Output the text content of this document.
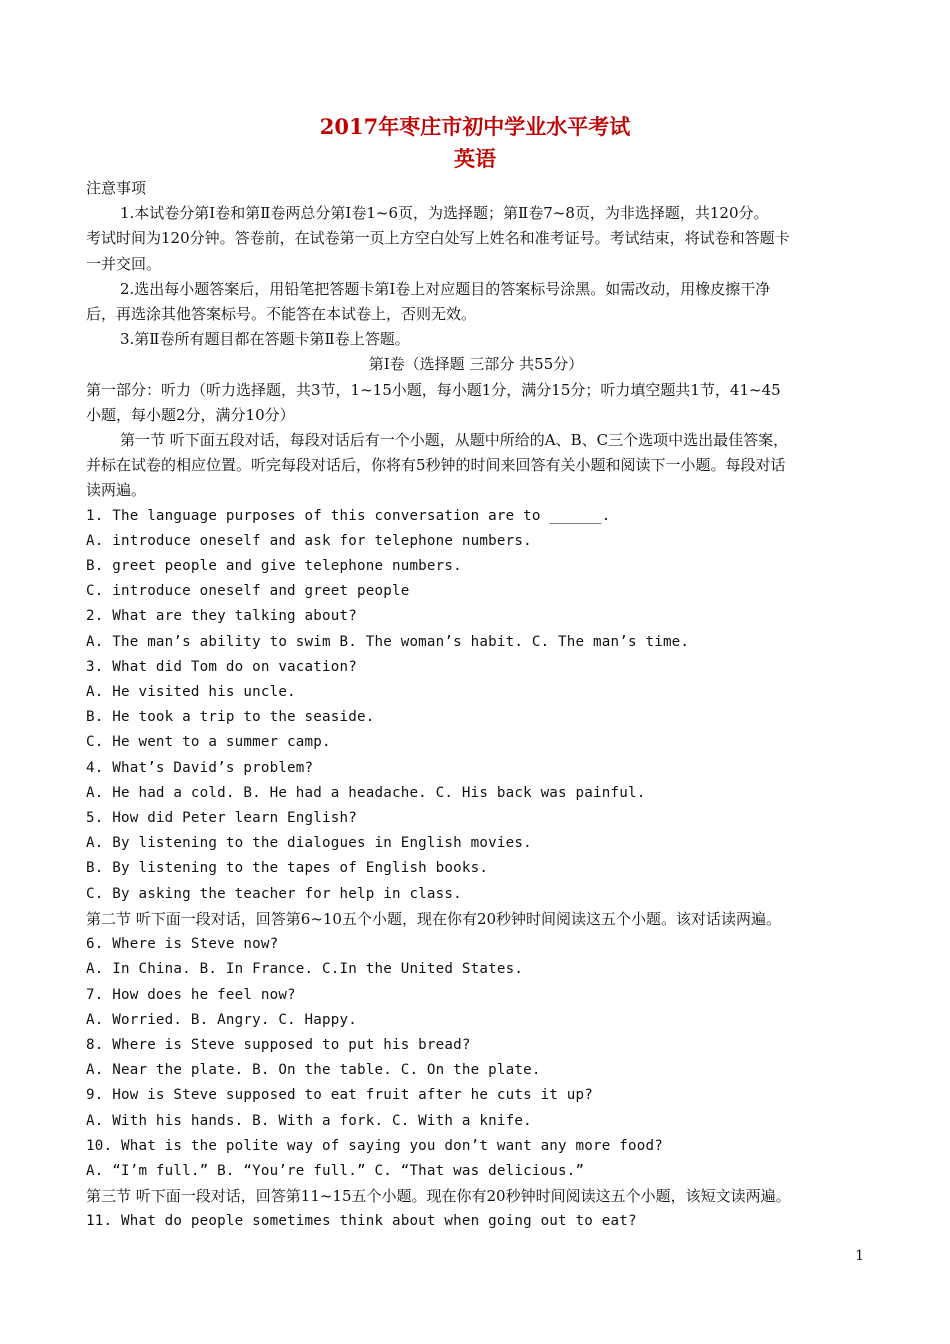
2017年枣庄市初中学业水平考试
英语
注意事项
1.本试卷分第Ⅰ卷和第Ⅱ卷两总分第Ⅰ卷1~6页，为选择题；第Ⅱ卷7~8页，为非选择题，共120分。
考试时间为120分钟。答卷前，在试卷第一页上方空白处写上姓名和准考证号。考试结束，将试卷和答题卡
一并交回。
2.选出每小题答案后，用铅笔把答题卡第Ⅰ卷上对应题目的答案标号涂黑。如需改动，用橡皮擦干净
后，再选涂其他答案标号。不能答在本试卷上，否则无效。
3.第Ⅱ卷所有题目都在答题卡第Ⅱ卷上答题。
第Ⅰ卷（选择题 三部分 共55分）
第一部分：听力（听力选择题，共3节，1~15小题，每小题1分，满分15分；听力填空题共1节，41~45
小题，每小题2分，满分10分）
第一节 听下面五段对话，每段对话后有一个小题，从题中所给的A、B、C三个选项中选出最佳答案，
并标在试卷的相应位置。听完每段对话后，你将有5秒钟的时间来回答有关小题和阅读下一小题。每段对话
读两遍。
1. The language purposes of this conversation are to ______.
A. introduce oneself and ask for telephone numbers.
B. greet people and give telephone numbers.
C. introduce oneself and greet people
2. What are they talking about?
A. The man’s ability to swim B. The woman’s habit. C. The man’s time.
3. What did Tom do on vacation?
A. He visited his uncle.
B. He took a trip to the seaside.
C. He went to a summer camp.
4. What’s David’s problem?
A. He had a cold. B. He had a headache. C. His back was painful.
5. How did Peter learn English?
A. By listening to the dialogues in English movies.
B. By listening to the tapes of English books.
C. By asking the teacher for help in class.
第二节 听下面一段对话，回答第6~10五个小题，现在你有20秒钟时间阅读这五个小题。该对话读两遍。
6. Where is Steve now?
A. In China. B. In France. C.In the United States.
7. How does he feel now?
A. Worried. B. Angry. C. Happy.
8. Where is Steve supposed to put his bread?
A. Near the plate. B. On the table. C. On the plate.
9. How is Steve supposed to eat fruit after he cuts it up?
A. With his hands. B. With a fork. C. With a knife.
10. What is the polite way of saying you don’t want any more food?
A. “I’m full.” B. “You’re full.” C. “That was delicious.”
第三节 听下面一段对话，回答第11~15五个小题。现在你有20秒钟时间阅读这五个小题，该短文读两遍。
11. What do people sometimes think about when going out to eat?
1
